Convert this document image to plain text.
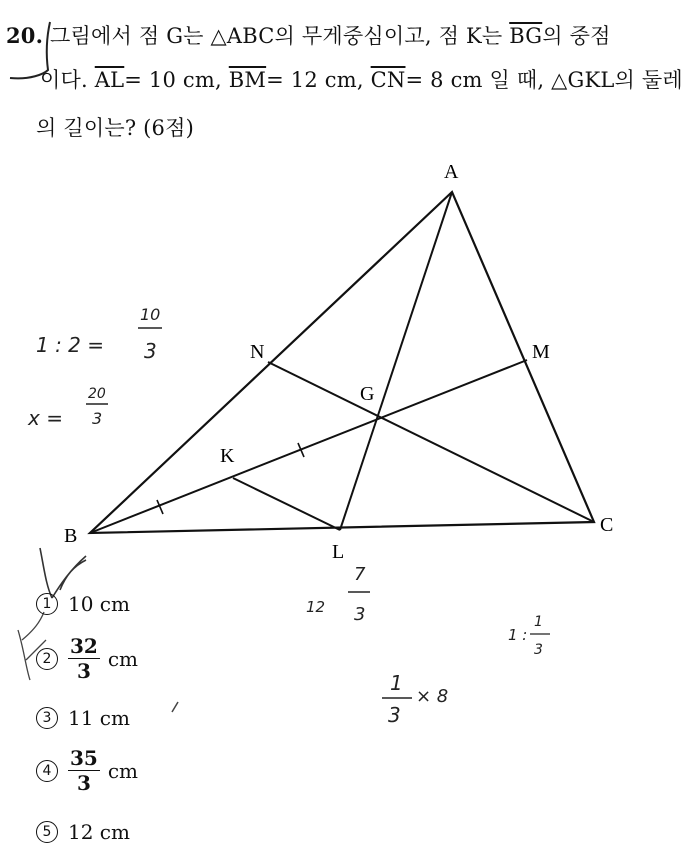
20. 그림에서 점 G는 △ABC의 무게중심이고, 점 K는 $\overline{BG}$의 중점
이다. $\overline{AL}= 10$ cm, $\overline{BM}= 12$ cm, $\overline{CN}= 8$ cm 일 때, △GKL의 둘레
의 길이는? (6점)
A
B	C
G
K
L
M
N
1 : 2 =
10
3
x =
20
3
12
7
3
1 :
1
3
1
3
× 8
1 10 cm
$2 \frac{32}{3}$ cm
3 11 cm
$4 \frac{35}{3}$ cm
5 12 cm
